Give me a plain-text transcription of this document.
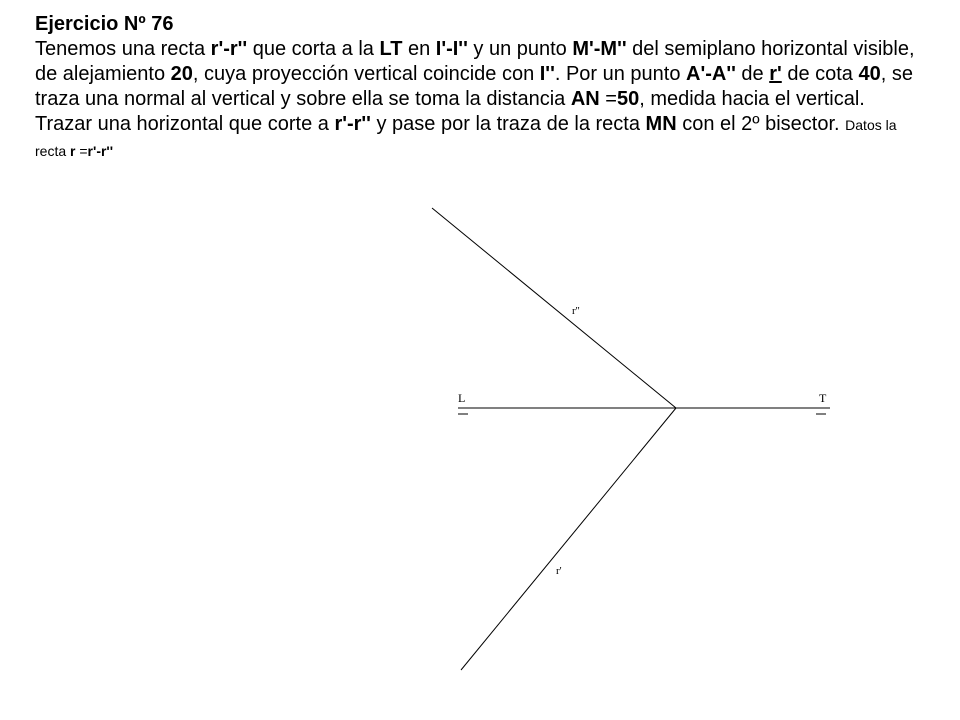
Ejercicio Nº 76
Tenemos una recta r'-r'' que corta a la LT en I'-I'' y un punto M'-M'' del semiplano horizontal visible, de alejamiento 20, cuya proyección vertical coincide con I''. Por un punto A'-A'' de r' de cota 40, se traza una normal al vertical y sobre ella se toma la distancia AN =50, medida hacia el vertical. Trazar una horizontal que corte a r'-r'' y pase por la traza de la recta MN con el 2º bisector. Datos la recta r =r'-r''
L	T
r''
r'
